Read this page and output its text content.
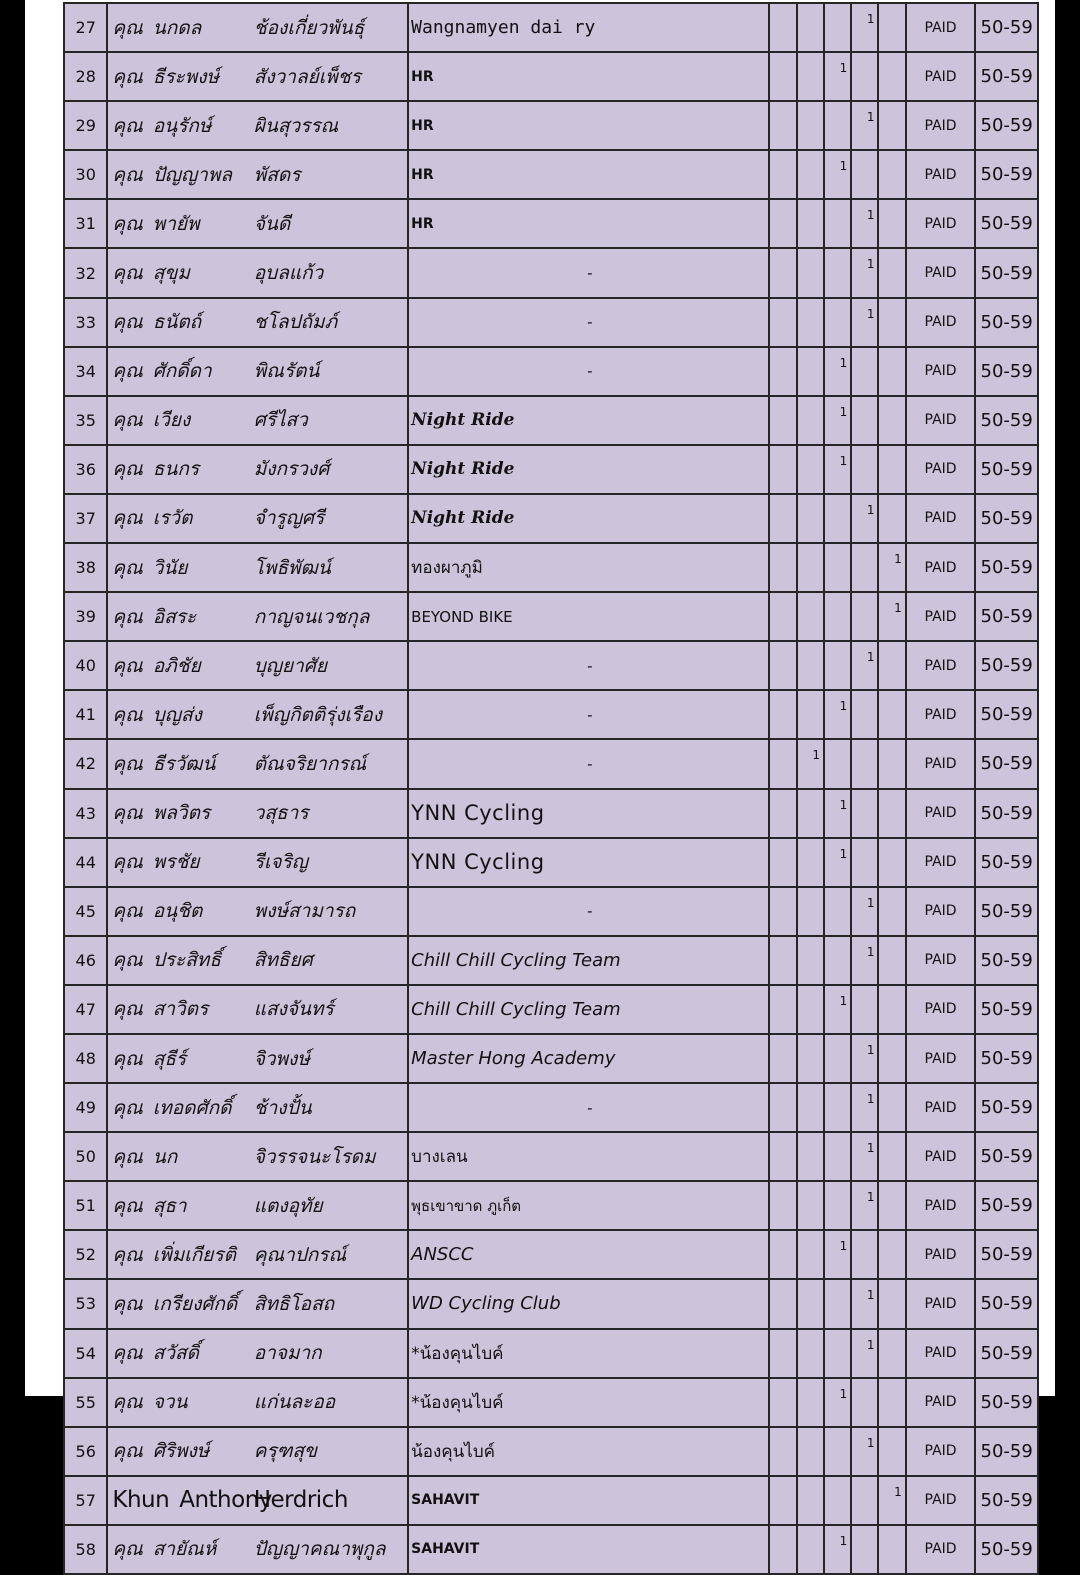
27	คุณ นกดล	ช้องเกี่ยวพันธุ์	Wangnamyen dai ry				1		PAID	50-59
28	คุณ ธีระพงษ์	สังวาลย์เพ็ชร	HR			1			PAID	50-59
29	คุณ อนุรักษ์	ผินสุวรรณ	HR				1		PAID	50-59
30	คุณ ปัญญาพล	พัสดร	HR			1			PAID	50-59
31	คุณ พายัพ	จันดี	HR				1		PAID	50-59
32	คุณ สุขุม	อุบลแก้ว	-				1		PAID	50-59
33	คุณ ธนัตถ์	ชโลปถัมภ์	-				1		PAID	50-59
34	คุณ ศักดิ์ดา	พิณรัตน์	-			1			PAID	50-59
35	คุณ เวียง	ศรีไสว	Night Ride			1			PAID	50-59
36	คุณ ธนกร	มังกรวงศ์	Night Ride			1			PAID	50-59
37	คุณ เรวัต	จำรูญศรี	Night Ride				1		PAID	50-59
38	คุณ วินัย	โพธิพัฒน์	ทองผาภูมิ					1	PAID	50-59
39	คุณ อิสระ	กาญจนเวชกุล	BEYOND BIKE					1	PAID	50-59
40	คุณ อภิชัย	บุญยาศัย	-				1		PAID	50-59
41	คุณ บุญส่ง	เพ็ญกิตติรุ่งเรือง	-			1			PAID	50-59
42	คุณ ธีรวัฒน์	ตัณจริยากรณ์	-		1				PAID	50-59
43	คุณ พลวิตร	วสุธาร	YNN Cycling			1			PAID	50-59
44	คุณ พรชัย	รีเจริญ	YNN Cycling			1			PAID	50-59
45	คุณ อนุชิต	พงษ์สามารถ	-				1		PAID	50-59
46	คุณ ประสิทธิ์	สิทธิยศ	Chill Chill Cycling Team				1		PAID	50-59
47	คุณ สาวิตร	แสงจันทร์	Chill Chill Cycling Team			1			PAID	50-59
48	คุณ สุธีร์	จิวพงษ์	Master Hong Academy				1		PAID	50-59
49	คุณ เทอดศักดิ์	ช้างปั้น	-				1		PAID	50-59
50	คุณ นก	จิวรรจนะโรดม	บางเลน				1		PAID	50-59
51	คุณ สุธา	แตงอุทัย	พุธเขาขาด ภูเก็ต				1		PAID	50-59
52	คุณ เพิ่มเกียรติ	คุณาปกรณ์	ANSCC			1			PAID	50-59
53	คุณ เกรียงศักดิ์	สิทธิโอสถ	WD Cycling Club				1		PAID	50-59
54	คุณ สวัสดิ์	อาจมาก	*น้องคุนไบค์				1		PAID	50-59
55	คุณ จวน	แก่นละออ	*น้องคุนไบค์			1			PAID	50-59
56	คุณ ศิริพงษ์	ครุฑสุข	น้องคุนไบค์				1		PAID	50-59
57	Khun Anthony	Herdrich	SAHAVIT					1	PAID	50-59
58	คุณ สายัณห์	ปัญญาคณาพุกูล	SAHAVIT			1			PAID	50-59
